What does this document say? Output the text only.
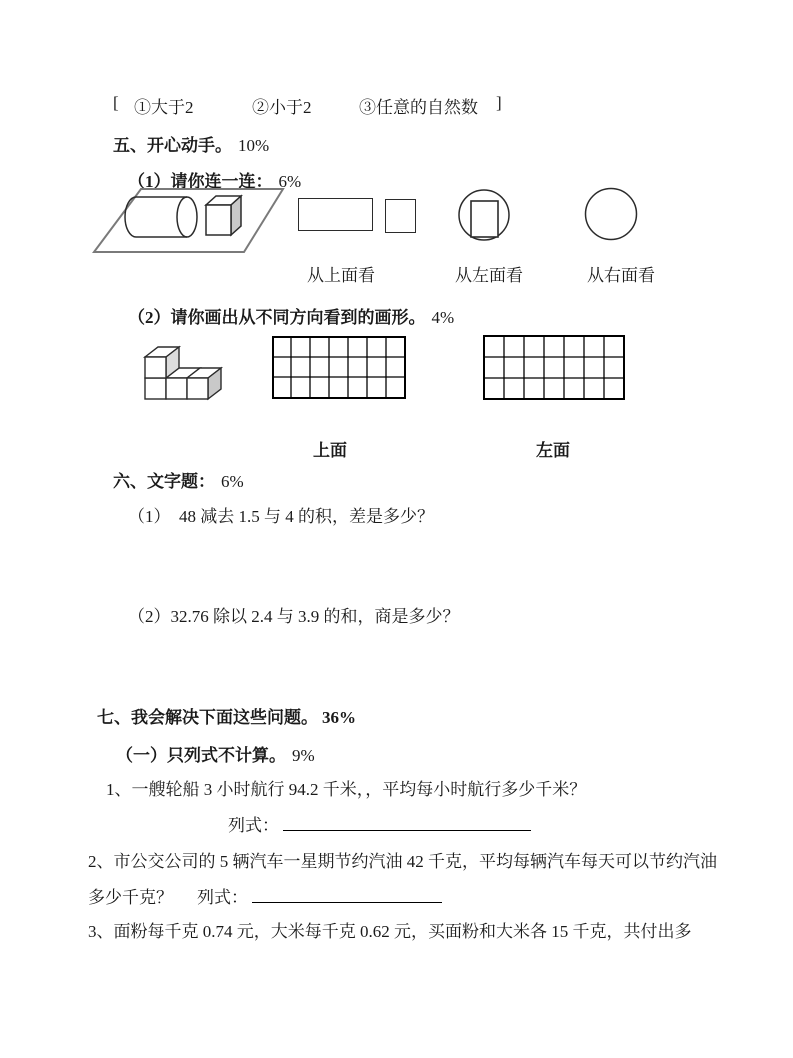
[ ①大于2	②小于2	③任意的自然数 ]
五、开心动手。 10%
（1）请你连一连： 6%
从上面看	从左面看	从右面看
（2）请你画出从不同方向看到的画形。 4%
上面	左面
六、文字题： 6%
（1）　48 减去 1.5 与 4 的积，差是多少？
（2）32.76 除以 2.4 与 3.9 的和，商是多少？
七、我会解决下面这些问题。 36%
（一）只列式不计算。 9%
1、一艘轮船 3 小时航行 94.2 千米，，平均每小时航行多少千米？
列式：
2、市公交公司的 5 辆汽车一星期节约汽油 42 千克，平均每辆汽车每天可以节约汽油
多少千克？ 列式：
3、面粉每千克 0.74 元，大米每千克 0.62 元，买面粉和大米各 15 千克，共付出多
